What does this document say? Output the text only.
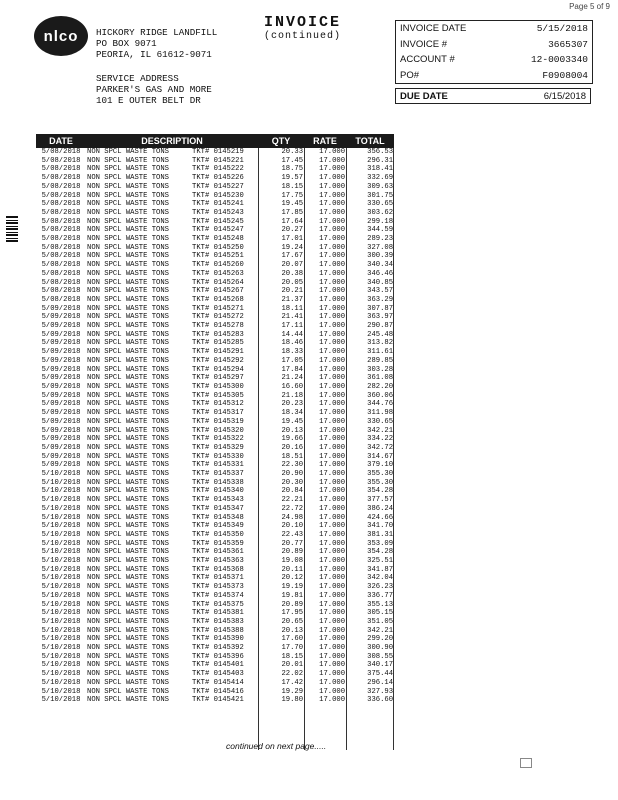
Page 5 of 9
nlco	HICKORY RIDGE LANDFILL
PO BOX 9071
PEORIA, IL 61612-9071
SERVICE ADDRESS
PARKER'S GAS AND MORE
101 E OUTER BELT DR
INVOICE
(continued)
INVOICE DATE	5/15/2018
INVOICE #	3665307
ACCOUNT #	12-0003340
PO#	F0908004
DUE DATE	6/15/2018
DATE	DESCRIPTION		QTY	RATE	TOTAL
5/08/2018	NON SPCL WASTE TONS	TKT# 0145219	20.33	17.000	356.53
5/08/2018	NON SPCL WASTE TONS	TKT# 0145221	17.45	17.000	296.31
5/08/2018	NON SPCL WASTE TONS	TKT# 0145222	18.75	17.000	318.41
5/08/2018	NON SPCL WASTE TONS	TKT# 0145226	19.57	17.000	332.69
5/08/2018	NON SPCL WASTE TONS	TKT# 0145227	18.15	17.000	309.63
5/08/2018	NON SPCL WASTE TONS	TKT# 0145230	17.75	17.000	301.75
5/08/2018	NON SPCL WASTE TONS	TKT# 0145241	19.45	17.000	330.65
5/08/2018	NON SPCL WASTE TONS	TKT# 0145243	17.85	17.000	303.62
5/08/2018	NON SPCL WASTE TONS	TKT# 0145245	17.64	17.000	299.18
5/08/2018	NON SPCL WASTE TONS	TKT# 0145247	20.27	17.000	344.59
5/08/2018	NON SPCL WASTE TONS	TKT# 0145248	17.01	17.000	289.23
5/08/2018	NON SPCL WASTE TONS	TKT# 0145250	19.24	17.000	327.08
5/08/2018	NON SPCL WASTE TONS	TKT# 0145251	17.67	17.000	300.39
5/08/2018	NON SPCL WASTE TONS	TKT# 0145260	20.07	17.000	340.34
5/08/2018	NON SPCL WASTE TONS	TKT# 0145263	20.38	17.000	346.46
5/08/2018	NON SPCL WASTE TONS	TKT# 0145264	20.05	17.000	340.85
5/08/2018	NON SPCL WASTE TONS	TKT# 0145267	20.21	17.000	343.57
5/08/2018	NON SPCL WASTE TONS	TKT# 0145268	21.37	17.000	363.29
5/09/2018	NON SPCL WASTE TONS	TKT# 0145271	18.11	17.000	307.87
5/09/2018	NON SPCL WASTE TONS	TKT# 0145272	21.41	17.000	363.97
5/09/2018	NON SPCL WASTE TONS	TKT# 0145278	17.11	17.000	290.87
5/09/2018	NON SPCL WASTE TONS	TKT# 0145283	14.44	17.000	245.48
5/09/2018	NON SPCL WASTE TONS	TKT# 0145285	18.46	17.000	313.82
5/09/2018	NON SPCL WASTE TONS	TKT# 0145291	18.33	17.000	311.61
5/09/2018	NON SPCL WASTE TONS	TKT# 0145292	17.05	17.000	289.85
5/09/2018	NON SPCL WASTE TONS	TKT# 0145294	17.84	17.000	303.28
5/09/2018	NON SPCL WASTE TONS	TKT# 0145297	21.24	17.000	361.08
5/09/2018	NON SPCL WASTE TONS	TKT# 0145300	16.60	17.000	282.20
5/09/2018	NON SPCL WASTE TONS	TKT# 0145305	21.18	17.000	360.06
5/09/2018	NON SPCL WASTE TONS	TKT# 0145312	20.23	17.000	344.76
5/09/2018	NON SPCL WASTE TONS	TKT# 0145317	18.34	17.000	311.98
5/09/2018	NON SPCL WASTE TONS	TKT# 0145319	19.45	17.000	330.65
5/09/2018	NON SPCL WASTE TONS	TKT# 0145320	20.13	17.000	342.21
5/09/2018	NON SPCL WASTE TONS	TKT# 0145322	19.66	17.000	334.22
5/09/2018	NON SPCL WASTE TONS	TKT# 0145329	20.16	17.000	342.72
5/09/2018	NON SPCL WASTE TONS	TKT# 0145330	18.51	17.000	314.67
5/09/2018	NON SPCL WASTE TONS	TKT# 0145331	22.30	17.000	379.10
5/10/2018	NON SPCL WASTE TONS	TKT# 0145337	20.90	17.000	355.30
5/10/2018	NON SPCL WASTE TONS	TKT# 0145338	20.30	17.000	355.30
5/10/2018	NON SPCL WASTE TONS	TKT# 0145340	20.84	17.000	354.28
5/10/2018	NON SPCL WASTE TONS	TKT# 0145343	22.21	17.000	377.57
5/10/2018	NON SPCL WASTE TONS	TKT# 0145347	22.72	17.000	386.24
5/10/2018	NON SPCL WASTE TONS	TKT# 0145348	24.98	17.000	424.66
5/10/2018	NON SPCL WASTE TONS	TKT# 0145349	20.10	17.000	341.70
5/10/2018	NON SPCL WASTE TONS	TKT# 0145350	22.43	17.000	381.31
5/10/2018	NON SPCL WASTE TONS	TKT# 0145359	20.77	17.000	353.09
5/10/2018	NON SPCL WASTE TONS	TKT# 0145361	20.89	17.000	354.28
5/10/2018	NON SPCL WASTE TONS	TKT# 0145363	19.08	17.000	325.51
5/10/2018	NON SPCL WASTE TONS	TKT# 0145368	20.11	17.000	341.87
5/10/2018	NON SPCL WASTE TONS	TKT# 0145371	20.12	17.000	342.04
5/10/2018	NON SPCL WASTE TONS	TKT# 0145373	19.19	17.000	326.23
5/10/2018	NON SPCL WASTE TONS	TKT# 0145374	19.81	17.000	336.77
5/10/2018	NON SPCL WASTE TONS	TKT# 0145375	20.89	17.000	355.13
5/10/2018	NON SPCL WASTE TONS	TKT# 0145381	17.95	17.000	305.15
5/10/2018	NON SPCL WASTE TONS	TKT# 0145383	20.65	17.000	351.05
5/10/2018	NON SPCL WASTE TONS	TKT# 0145388	20.13	17.000	342.21
5/10/2018	NON SPCL WASTE TONS	TKT# 0145390	17.60	17.000	299.20
5/10/2018	NON SPCL WASTE TONS	TKT# 0145392	17.70	17.000	300.90
5/10/2018	NON SPCL WASTE TONS	TKT# 0145396	18.15	17.000	308.55
5/10/2018	NON SPCL WASTE TONS	TKT# 0145401	20.01	17.000	340.17
5/10/2018	NON SPCL WASTE TONS	TKT# 0145403	22.02	17.000	375.44
5/10/2018	NON SPCL WASTE TONS	TKT# 0145414	17.42	17.000	296.14
5/10/2018	NON SPCL WASTE TONS	TKT# 0145416	19.29	17.000	327.93
5/10/2018	NON SPCL WASTE TONS	TKT# 0145421	19.80	17.000	336.60
continued on next page.....
